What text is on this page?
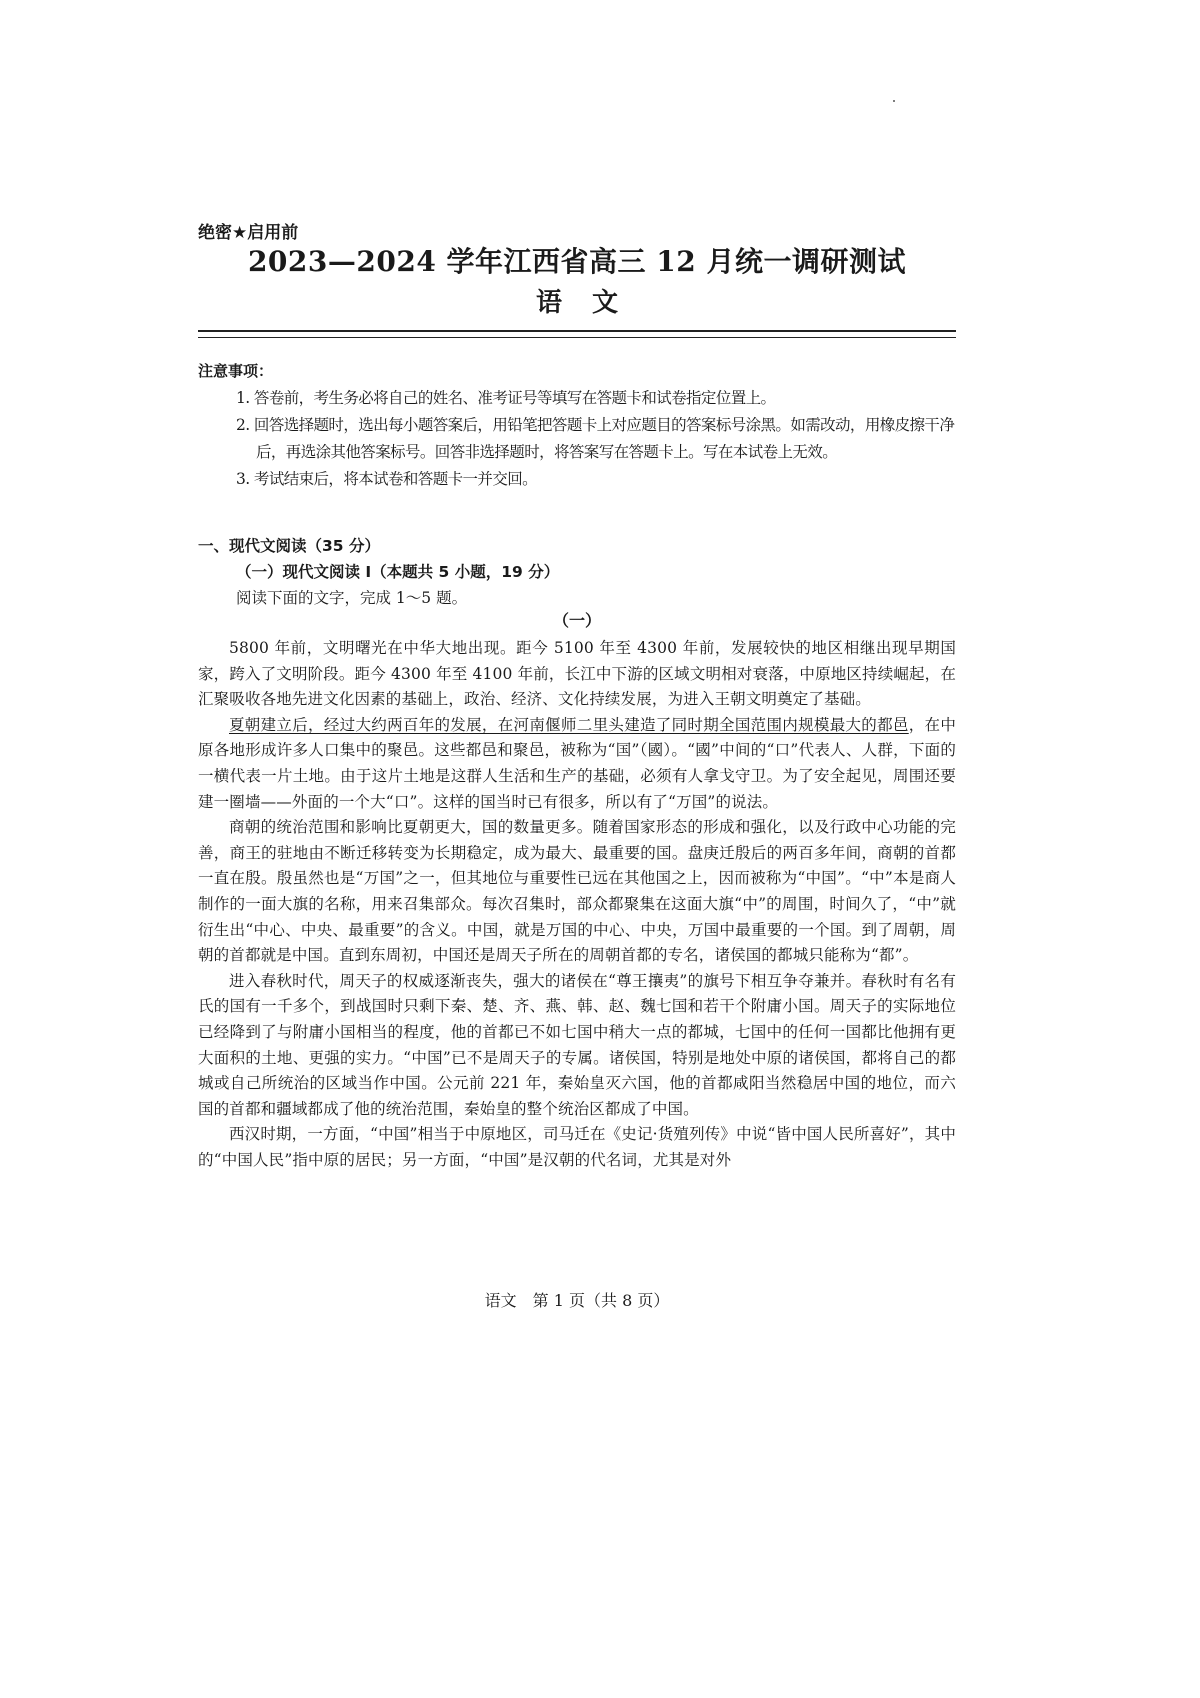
绝密★启用前
2023—2024 学年江西省高三 12 月统一调研测试
语文
注意事项：
1. 答卷前，考生务必将自己的姓名、准考证号等填写在答题卡和试卷指定位置上。
2. 回答选择题时，选出每小题答案后，用铅笔把答题卡上对应题目的答案标号涂黑。如需改动，用橡皮擦干净后，再选涂其他答案标号。回答非选择题时，将答案写在答题卡上。写在本试卷上无效。
3. 考试结束后，将本试卷和答题卡一并交回。
一、现代文阅读（35 分）
（一）现代文阅读 I（本题共 5 小题，19 分）
阅读下面的文字，完成 1～5 题。
（一）

5800 年前，文明曙光在中华大地出现。距今 5100 年至 4300 年前，发展较快的地区相继出现早期国家，跨入了文明阶段。距今 4300 年至 4100 年前，长江中下游的区域文明相对衰落，中原地区持续崛起，在汇聚吸收各地先进文化因素的基础上，政治、经济、文化持续发展，为进入王朝文明奠定了基础。

夏朝建立后，经过大约两百年的发展，在河南偃师二里头建造了同时期全国范围内规模最大的都邑，在中原各地形成许多人口集中的聚邑。这些都邑和聚邑，被称为“国”（國）。“國”中间的“口”代表人、人群，下面的一横代表一片土地。由于这片土地是这群人生活和生产的基础，必须有人拿戈守卫。为了安全起见，周围还要建一圈墙——外面的一个大“口”。这样的国当时已有很多，所以有了“万国”的说法。

商朝的统治范围和影响比夏朝更大，国的数量更多。随着国家形态的形成和强化，以及行政中心功能的完善，商王的驻地由不断迁移转变为长期稳定，成为最大、最重要的国。盘庚迁殷后的两百多年间，商朝的首都一直在殷。殷虽然也是“万国”之一，但其地位与重要性已远在其他国之上，因而被称为“中国”。“中”本是商人制作的一面大旗的名称，用来召集部众。每次召集时，部众都聚集在这面大旗“中”的周围，时间久了，“中”就衍生出“中心、中央、最重要”的含义。中国，就是万国的中心、中央，万国中最重要的一个国。到了周朝，周朝的首都就是中国。直到东周初，中国还是周天子所在的周朝首都的专名，诸侯国的都城只能称为“都”。

进入春秋时代，周天子的权威逐渐丧失，强大的诸侯在“尊王攘夷”的旗号下相互争夺兼并。春秋时有名有氏的国有一千多个，到战国时只剩下秦、楚、齐、燕、韩、赵、魏七国和若干个附庸小国。周天子的实际地位已经降到了与附庸小国相当的程度，他的首都已不如七国中稍大一点的都城，七国中的任何一国都比他拥有更大面积的土地、更强的实力。“中国”已不是周天子的专属。诸侯国，特别是地处中原的诸侯国，都将自己的都城或自己所统治的区域当作中国。公元前 221 年，秦始皇灭六国，他的首都咸阳当然稳居中国的地位，而六国的首都和疆域都成了他的统治范围，秦始皇的整个统治区都成了中国。

西汉时期，一方面，“中国”相当于中原地区，司马迁在《史记·货殖列传》中说“皆中国人民所喜好”，其中的“中国人民”指中原的居民；另一方面，“中国”是汉朝的代名词，尤其是对外

语文　第 1 页（共 8 页）
